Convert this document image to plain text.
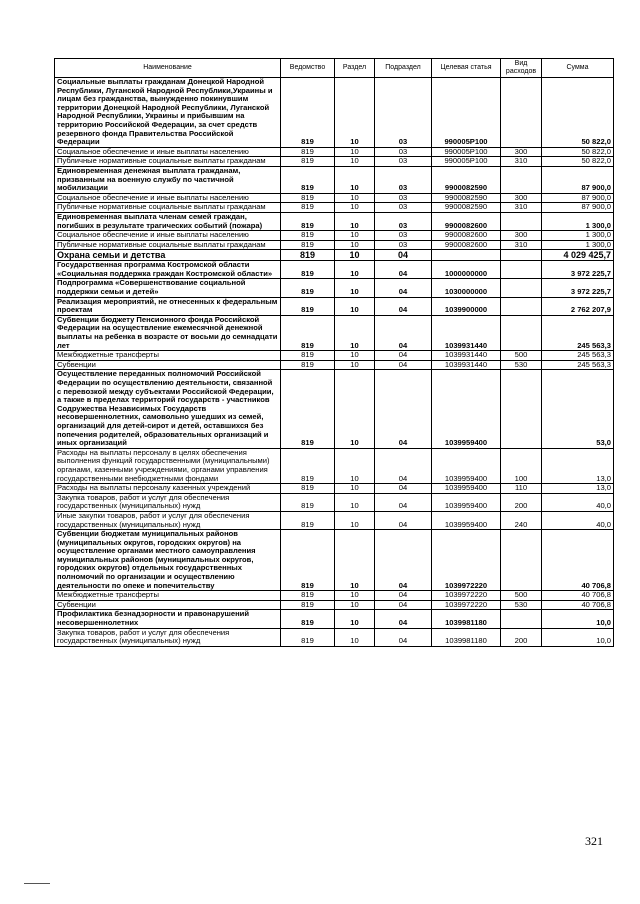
Наименование	Ведомство	Раздел	Подраздел	Целевая статья	Вид расходов	Сумма
Социальные выплаты гражданам Донецкой Народной Республики, Луганской Народной Республики,Украины и лицам без гражданства, вынужденно покинувшим территории Донецкой Народной Республики, Луганской Народной Республики, Украины и прибывшим на территорию Российской Федерации, за счет средств резервного фонда Правительства Российской Федерации	819	10	03	990005P100		50 822,0
Социальное обеспечение и иные выплаты населению	819	10	03	990005P100	300	50 822,0
Публичные нормативные социальные выплаты гражданам	819	10	03	990005P100	310	50 822,0
Единовременная денежная выплата гражданам, призванным на военную службу по частичной мобилизации	819	10	03	9900082590		87 900,0
Социальное обеспечение и иные выплаты населению	819	10	03	9900082590	300	87 900,0
Публичные нормативные социальные выплаты гражданам	819	10	03	9900082590	310	87 900,0
Единовременная выплата членам семей граждан, погибших в результате трагических событий (пожара)	819	10	03	9900082600		1 300,0
Социальное обеспечение и иные выплаты населению	819	10	03	9900082600	300	1 300,0
Публичные нормативные социальные выплаты гражданам	819	10	03	9900082600	310	1 300,0
Охрана семьи и детства	819	10	04			4 029 425,7
Государственная программа Костромской области «Социальная поддержка граждан Костромской области»	819	10	04	1000000000		3 972 225,7
Подпрограмма «Совершенствование социальной поддержки семьи и детей»	819	10	04	1030000000		3 972 225,7
Реализация мероприятий, не отнесенных к федеральным проектам	819	10	04	1039900000		2 762 207,9
Субвенции бюджету Пенсионного фонда Российской Федерации на осуществление ежемесячной денежной выплаты на ребенка в возрасте от восьми до семнадцати лет	819	10	04	1039931440		245 563,3
Межбюджетные трансферты	819	10	04	1039931440	500	245 563,3
Субвенции	819	10	04	1039931440	530	245 563,3
Осуществление переданных полномочий Российской Федерации по осуществлению деятельности, связанной с перевозкой между субъектами Российской Федерации, а также в пределах территорий государств - участников Содружества Независимых Государств несовершеннолетних, самовольно ушедших из семей, организаций для детей-сирот и детей, оставшихся без попечения родителей, образовательных организаций и иных организаций	819	10	04	1039959400		53,0
Расходы на выплаты персоналу в целях обеспечения выполнения функций государственными (муниципальными) органами, казенными учреждениями, органами управления государственными внебюджетными фондами	819	10	04	1039959400	100	13,0
Расходы на выплаты персоналу казенных учреждений	819	10	04	1039959400	110	13,0
Закупка товаров, работ и услуг для обеспечения государственных (муниципальных) нужд	819	10	04	1039959400	200	40,0
Иные закупки товаров, работ и услуг для обеспечения государственных (муниципальных) нужд	819	10	04	1039959400	240	40,0
Субвенции бюджетам муниципальных районов (муниципальных округов, городских округов) на осуществление органами местного самоуправления муниципальных районов (муниципальных округов, городских округов) отдельных государственных полномочий по организации и осуществлению деятельности по опеке и попечительству	819	10	04	1039972220		40 706,8
Межбюджетные трансферты	819	10	04	1039972220	500	40 706,8
Субвенции	819	10	04	1039972220	530	40 706,8
Профилактика безнадзорности и правонарушений несовершеннолетних	819	10	04	1039981180		10,0
Закупка товаров, работ и услуг для обеспечения государственных (муниципальных) нужд	819	10	04	1039981180	200	10,0
321
